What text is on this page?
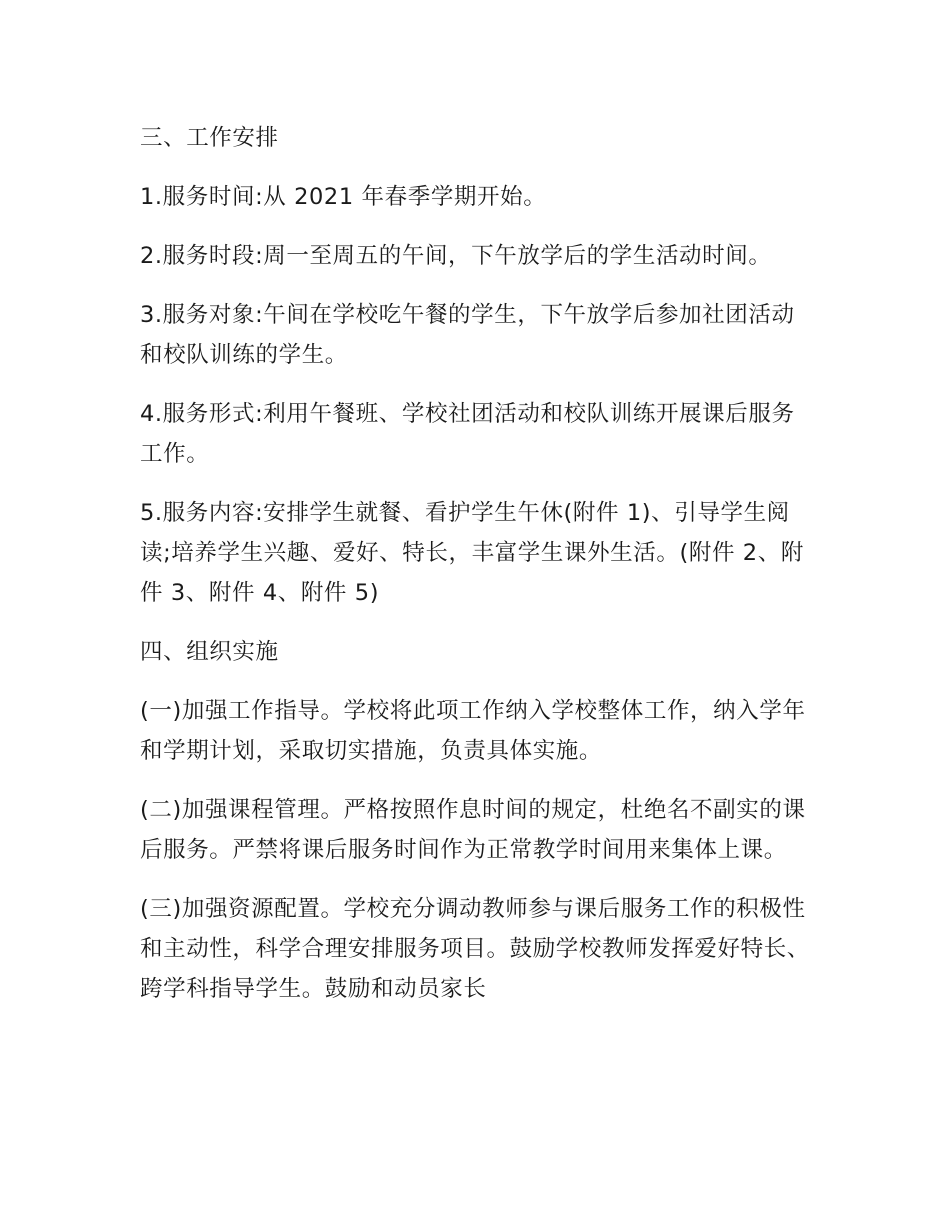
三、工作安排

1.服务时间:从 2021 年春季学期开始。

2.服务时段:周一至周五的午间，下午放学后的学生活动时间。

3.服务对象:午间在学校吃午餐的学生，下午放学后参加社团活动和校队训练的学生。

4.服务形式:利用午餐班、学校社团活动和校队训练开展课后服务工作。

5.服务内容:安排学生就餐、看护学生午休(附件 1)、引导学生阅读;培养学生兴趣、爱好、特长，丰富学生课外生活。(附件 2、附件 3、附件 4、附件 5)

四、组织实施

(一)加强工作指导。学校将此项工作纳入学校整体工作，纳入学年和学期计划，采取切实措施，负责具体实施。

(二)加强课程管理。严格按照作息时间的规定，杜绝名不副实的课后服务。严禁将课后服务时间作为正常教学时间用来集体上课。

(三)加强资源配置。学校充分调动教师参与课后服务工作的积极性和主动性，科学合理安排服务项目。鼓励学校教师发挥爱好特长、跨学科指导学生。鼓励和动员家长
